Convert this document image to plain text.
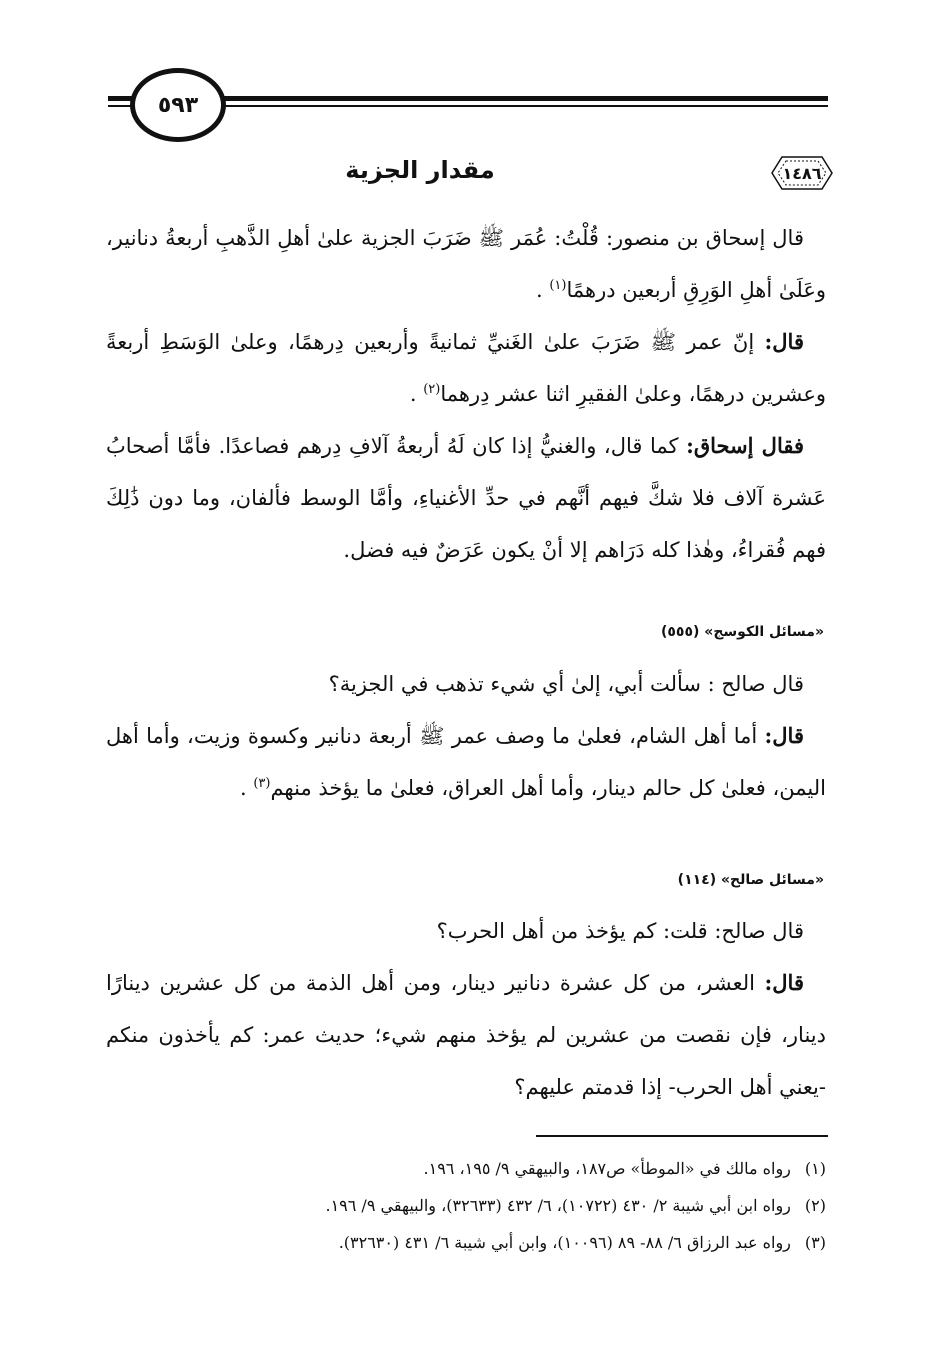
٥٩٣
١٤٨٦
مقدار الجزية

قال إسحاق بن منصور: قُلْتُ: عُمَر ﷺ ضَرَبَ الجزية علىٰ أهلِ الذَّهبِ أربعةُ دنانير، وعَلَىٰ أهلِ الوَرِقِ أربعين درهمًا$^{(١)}$ .

قال: إنّ عمر ﷺ ضَرَبَ علىٰ الغَنيِّ ثمانيةً وأربعين دِرهمًا، وعلىٰ الوَسَطِ أربعةً وعشرين درهمًا، وعلىٰ الفقيرِ اثنا عشر دِرهما$^{(٢)}$ .

فقال إسحاق: كما قال، والغنيُّ إذا كان لَهُ أربعةُ آلافِ دِرهم فصاعدًا. فأمَّا أصحابُ عَشرة آلاف فلا شكَّ فيهم أنَّهم في حدِّ الأغنياءِ، وأمَّا الوسط فألفان، وما دون ذَٰلِكَ فهم فُقراءُ، وهٰذا كله دَرَاهم إلا أنْ يكون عَرَضٌ فيه فضل.

«مسائل الكوسج» (٥٥٥)

قال صالح : سألت أبي، إلىٰ أي شيء تذهب في الجزية؟

قال: أما أهل الشام، فعلىٰ ما وصف عمر ﷺ أربعة دنانير وكسوة وزيت، وأما أهل اليمن، فعلىٰ كل حالم دينار، وأما أهل العراق، فعلىٰ ما يؤخذ منهم$^{(٣)}$ .

«مسائل صالح» (١١٤)

قال صالح: قلت: كم يؤخذ من أهل الحرب؟

قال: العشر، من كل عشرة دنانير دينار، ومن أهل الذمة من كل عشرين دينارًا دينار، فإن نقصت من عشرين لم يؤخذ منهم شيء؛ حديث عمر: كم يأخذون منكم -يعني أهل الحرب- إذا قدمتم عليهم؟

(١)رواه مالك في «الموطأ» ص١٨٧، والبيهقي ٩/ ١٩٥، ١٩٦.

(٢)رواه ابن أبي شيبة ٢/ ٤٣٠ (١٠٧٢٢)، ٦/ ٤٣٢ (٣٢٦٣٣)، والبيهقي ٩/ ١٩٦.

(٣)رواه عبد الرزاق ٦/ ٨٨- ٨٩ (١٠٠٩٦)، وابن أبي شيبة ٦/ ٤٣١ (٣٢٦٣٠).
